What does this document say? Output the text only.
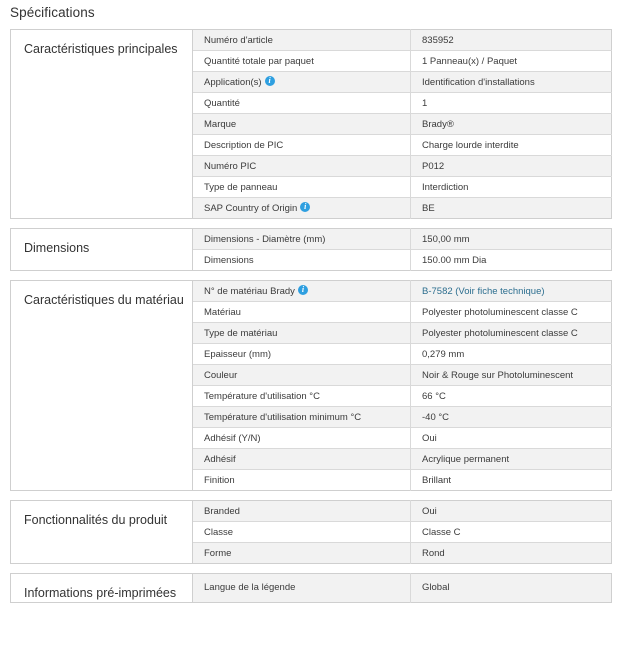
Spécifications
Caractéristiques principales	Numéro d'article	835952
	Quantité totale par paquet	1 Panneau(x) / Paquet
	Application(s)i	Identification d'installations
	Quantité	1
	Marque	Brady®
	Description de PIC	Charge lourde interdite
	Numéro PIC	P012
	Type de panneau	Interdiction
	SAP Country of Origini	BE
Dimensions	Dimensions - Diamètre (mm)	150,00 mm
	Dimensions	150.00 mm Dia
Caractéristiques du matériau	N° de matériau Bradyi	B-7582 (Voir fiche technique)
	Matériau	Polyester photoluminescent classe C
	Type de matériau	Polyester photoluminescent classe C
	Epaisseur (mm)	0,279 mm
	Couleur	Noir & Rouge sur Photoluminescent
	Température d'utilisation °C	66 °C
	Température d'utilisation minimum °C	-40 °C
	Adhésif (Y/N)	Oui
	Adhésif	Acrylique permanent
	Finition	Brillant
Fonctionnalités du produit	Branded	Oui
	Classe	Classe C
	Forme	Rond
Informations pré-imprimées	Langue de la légende	Global
